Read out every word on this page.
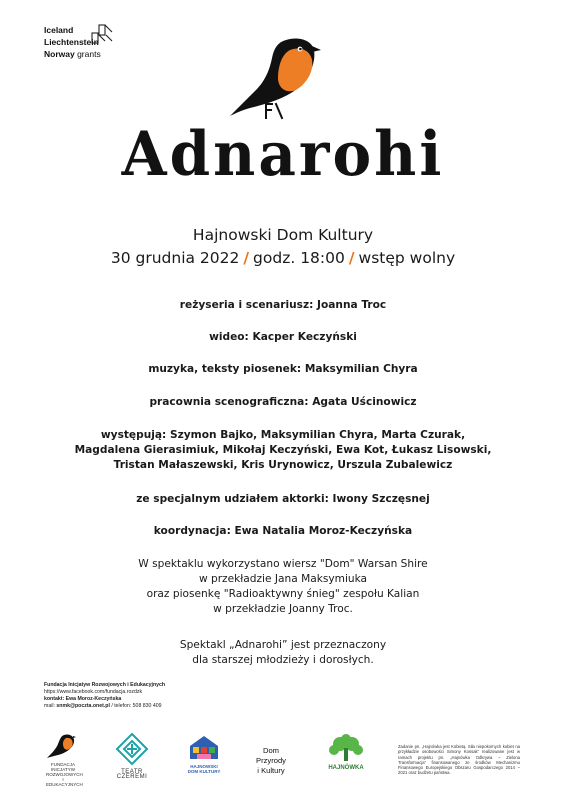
Iceland
Liechtenstein
Norway grants
Adnarohi
Hajnowski Dom Kultury
30 grudnia 2022 / godz. 18:00 / wstęp wolny
reżyseria i scenariusz: Joanna Troc
wideo: Kacper Keczyński
muzyka, teksty piosenek: Maksymilian Chyra
pracownia scenograficzna: Agata Uścinowicz
występują: Szymon Bajko, Maksymilian Chyra, Marta Czurak,
Magdalena Gierasimiuk, Mikołaj Keczyński, Ewa Kot, Łukasz Lisowski,
Tristan Małaszewski, Kris Urynowicz, Urszula Zubalewicz
ze specjalnym udziałem aktorki: Iwony Szczęsnej
koordynacja: Ewa Natalia Moroz-Keczyńska
W spektaklu wykorzystano wiersz "Dom" Warsan Shire
w przekładzie Jana Maksymiuka
oraz piosenkę "Radioaktywny śnieg" zespołu Kalian
w przekładzie Joanny Troc.
Spektakl „Adnarohi” jest przeznaczony
dla starszej młodzieży i dorosłych.
Fundacja Inicjatyw Rozwojowych i Edukacyjnych
https://www.facebook.com/fundacja.rozdzk
kontakt: Ewa Moroz-Keczyńska
mail: snmk@poczta.onet.pl / telefon: 508 830 409
FUNDACJA INICJATYW ROZWOJOWYCH I EDUKACYJNYCH
TEATR CZEREMI
HAJNOWSKI DOM KULTURY
Dom
Przyrody
i Kultury	HAJNÓWKA
Zadanie pn. „Hajnówka jest Kobietą. Siła niepokornych kobiet na przykładzie osobowości Simony Kossak” realizowane jest w ramach projektu pn. „Hajnówka Odkrywa – Zielona Transformacja” finansowanego ze środków Mechanizmu Finansowego Europejskiego Obszaru Gospodarczego 2014 – 2021 oraz budżetu państwa.
